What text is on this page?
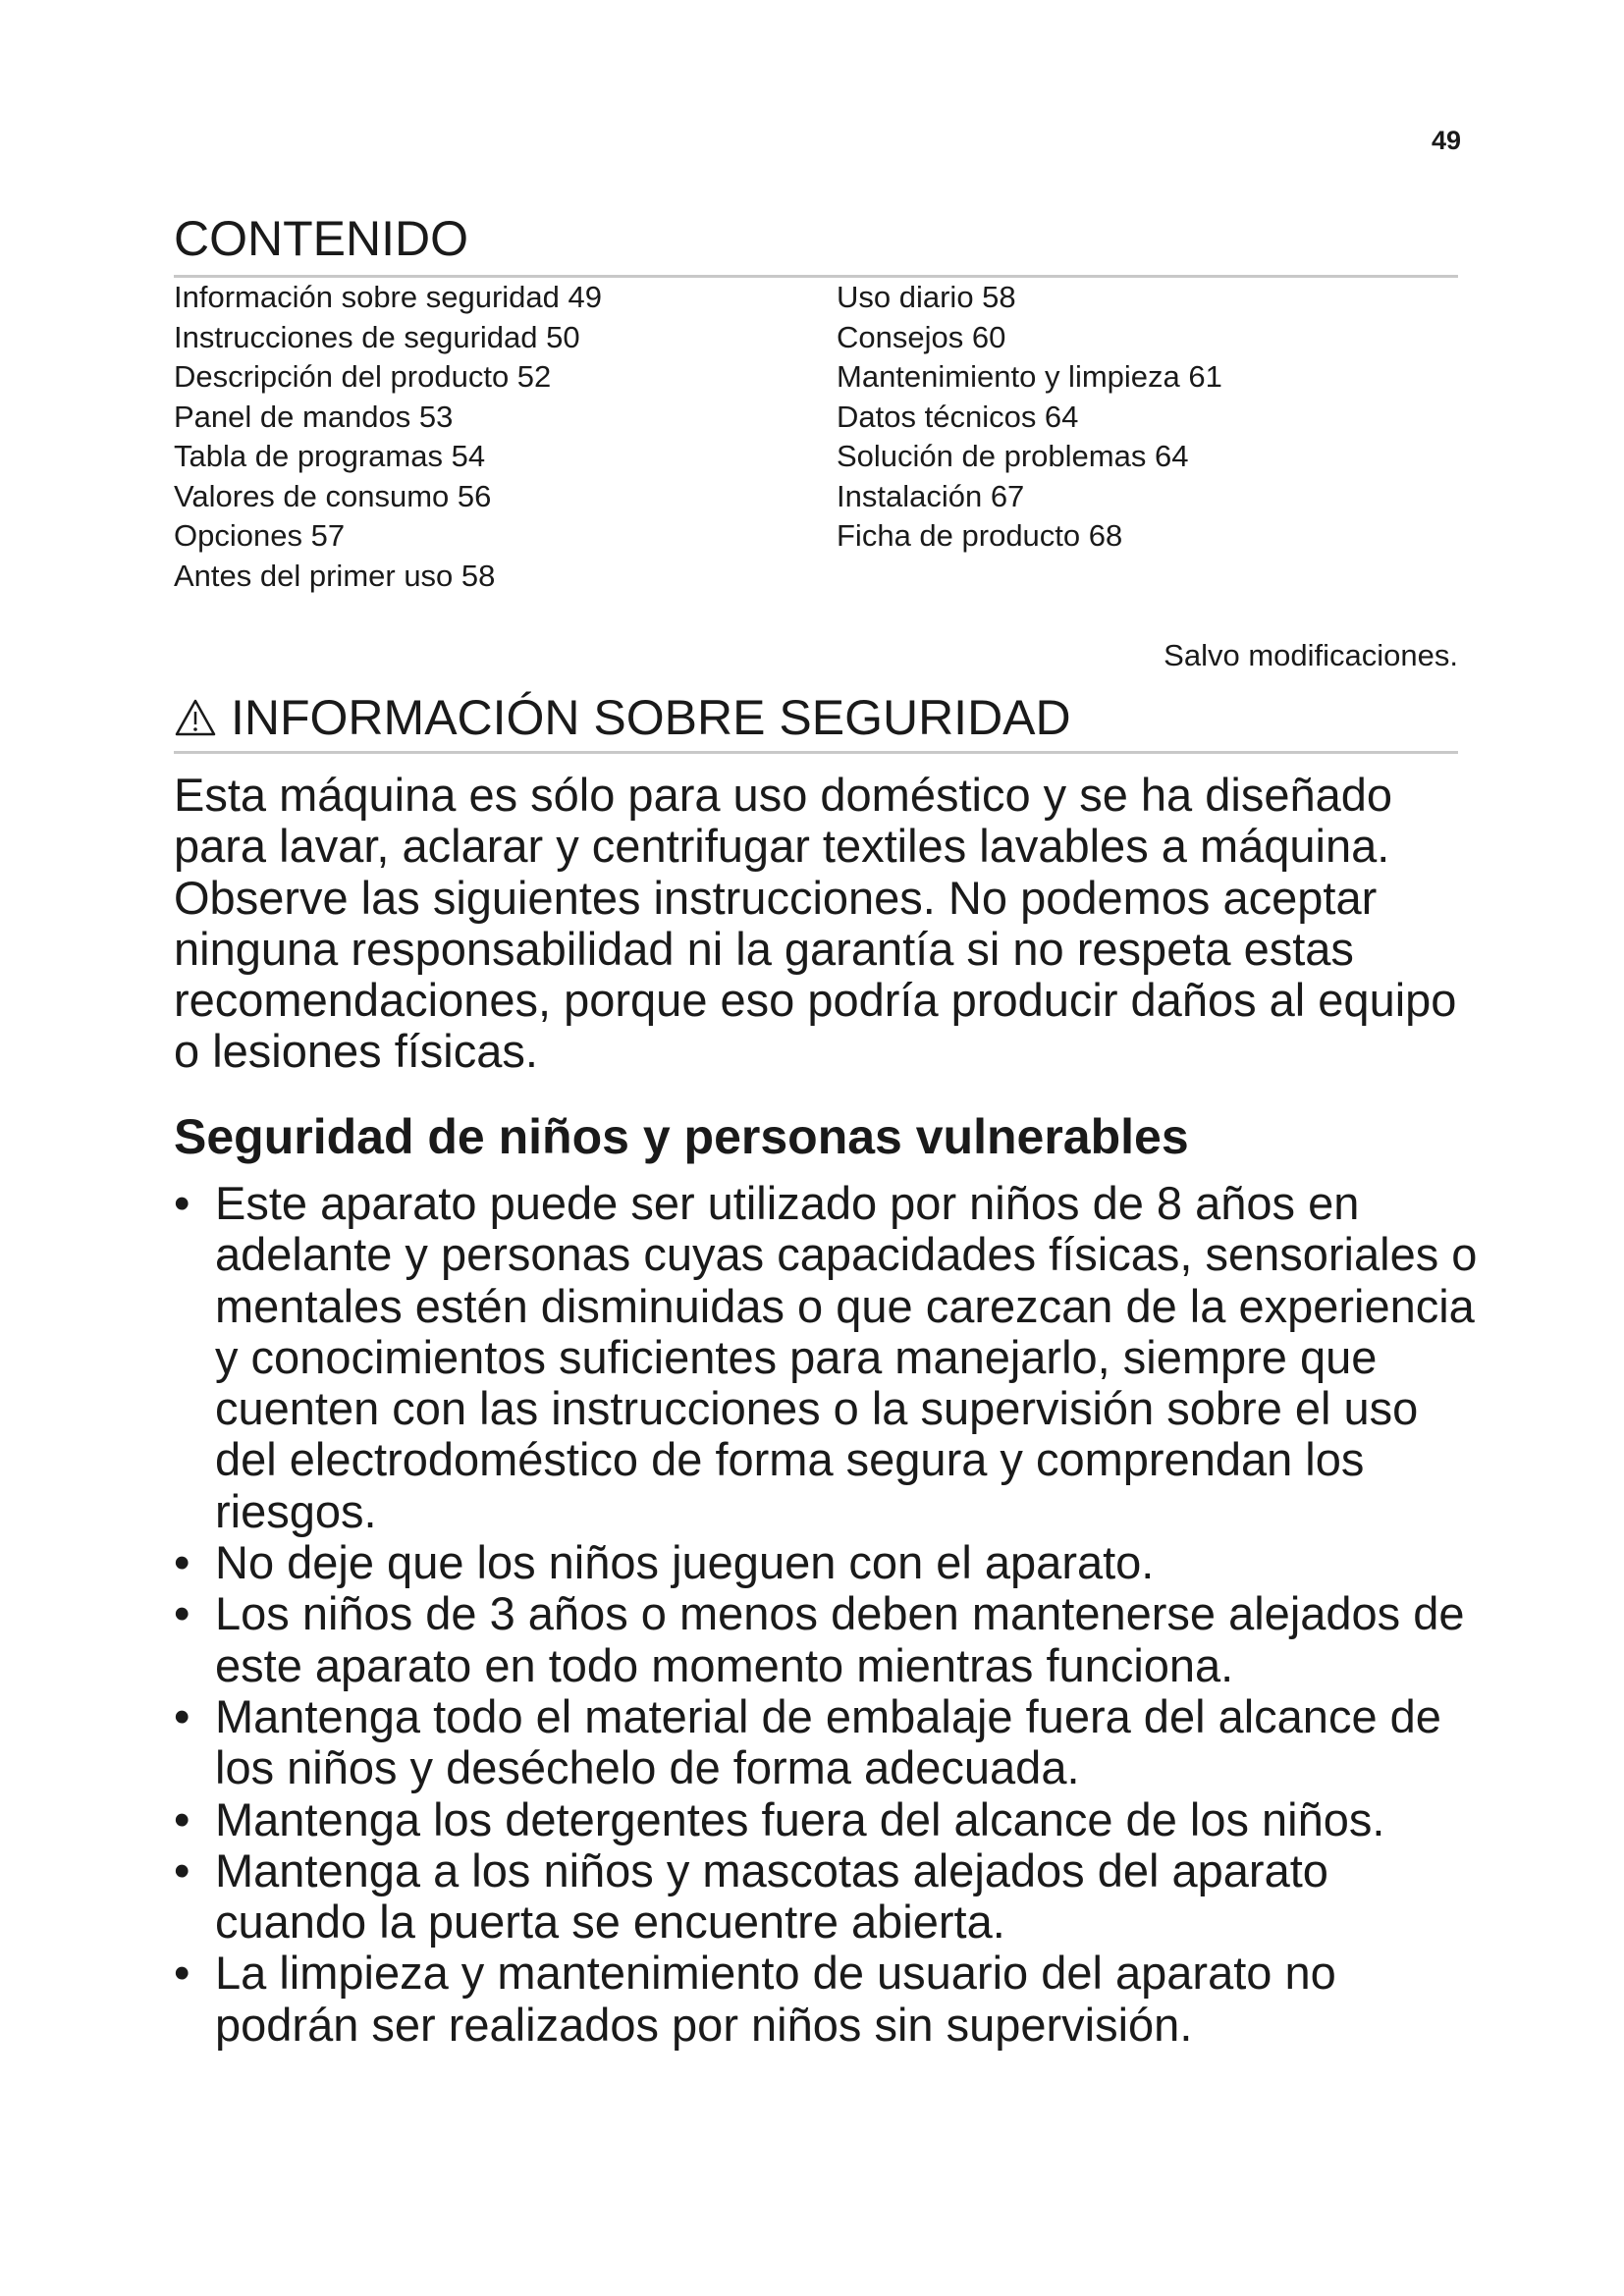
49
CONTENIDO
Información sobre seguridad 49
Instrucciones de seguridad 50
Descripción del producto 52
Panel de mandos 53
Tabla de programas 54
Valores de consumo 56
Opciones 57
Antes del primer uso 58
Uso diario 58
Consejos 60
Mantenimiento y limpieza 61
Datos técnicos 64
Solución de problemas 64
Instalación 67
Ficha de producto 68
Salvo modificaciones.
INFORMACIÓN SOBRE SEGURIDAD

Esta máquina es sólo para uso doméstico y se ha diseñado para lavar, aclarar y centrifugar textiles lavables a máquina. Observe las siguientes instrucciones. No podemos aceptar ninguna responsabilidad ni la garantía si no respeta estas recomendaciones, porque eso podría producir daños al equipo o lesiones físicas.

Seguridad de niños y personas vulnerables
• Este aparato puede ser utilizado por niños de 8 años en adelante y personas cuyas capacidades físicas, sensoriales o mentales estén disminuidas o que carezcan de la experiencia y conocimientos suficientes para manejarlo, siempre que cuenten con las instrucciones o la supervisión sobre el uso del electrodoméstico de forma segura y comprendan los riesgos.
• No deje que los niños jueguen con el aparato.
• Los niños de 3 años o menos deben mantenerse alejados de este aparato en todo momento mientras funciona.
• Mantenga todo el material de embalaje fuera del alcance de los niños y deséchelo de forma adecuada.
• Mantenga los detergentes fuera del alcance de los niños.
• Mantenga a los niños y mascotas alejados del aparato cuando la puerta se encuentre abierta.
• La limpieza y mantenimiento de usuario del aparato no podrán ser realizados por niños sin supervisión.
